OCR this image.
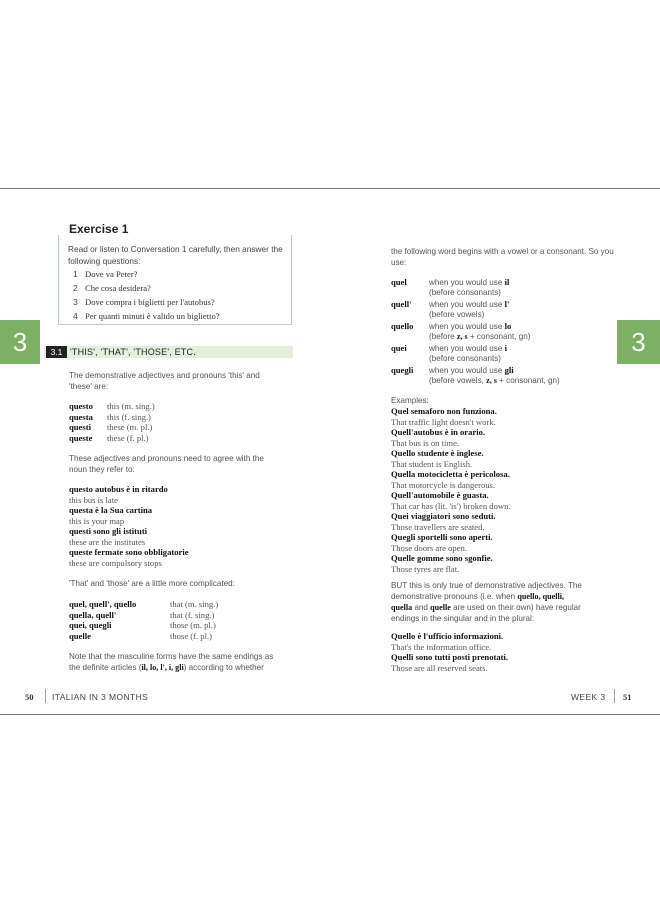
Exercise 1
Read or listen to Conversation 1 carefully, then answer the following questions:
1 Dove va Peter?
2 Che cosa desidera?
3 Dove compra i biglietti per l'autobus?
4 Per quanti minuti è valido un biglietto?
3	3
3.1 'THIS', 'THAT', 'THOSE', ETC.
The demonstrative adjectives and pronouns 'this' and 'these' are:
questo this (m. sing.)
questa this (f. sing.)
questi these (m. pl.)
queste these (f. pl.)
These adjectives and pronouns need to agree with the noun they refer to:
questo autobus è in ritardo
this bus is late
questa è la Sua cartina
this is your map
questi sono gli istituti
these are the institutes
queste fermate sono obbligatorie
these are compulsory stops
'That' and 'those' are a little more complicated:
quel, quell', quello	that (m. sing.)
quella, quell'	that (f. sing.)
quei, quegli	those (m. pl.)
quelle	those (f. pl.)
Note that the masculine forms have the same endings as
the definite articles (il, lo, l', i, gli) according to whether
the following word begins with a vowel or a consonant. So you use:
quel	when you would use il
(before consonants)
quell' when you would use l'
(before vowels)
quello when you would use lo
(before z, s + consonant, gn)
quei	when you would use i
(before consonants)
quegli when you would use gli
(before vowels, z, s + consonant, gn)
Examples:
Quel semaforo non funziona.
That traffic light doesn't work.
Quell'autobus è in orario.
That bus is on time.
Quello studente è inglese.
That student is English.
Quella motocicletta è pericolosa.
That motorcycle is dangerous.
Quell'automobile è guasta.
That car has (lit. 'is') broken down.
Quei viaggiatori sono seduti.
Those travellers are seated.
Quegli sportelli sono aperti.
Those doors are open.
Quelle gomme sono sgonfie.
Those tyres are flat.
BUT this is only true of demonstrative adjectives. The
demonstrative pronouns (i.e. when quello, quelli,
quella and quelle are used on their own) have regular
endings in the singular and in the plural:
Quello è l'ufficio informazioni.
That's the information office.
Quelli sono tutti posti prenotati.
Those are all reserved seats.
50 ITALIAN IN 3 MONTHS	WEEK 3 51
